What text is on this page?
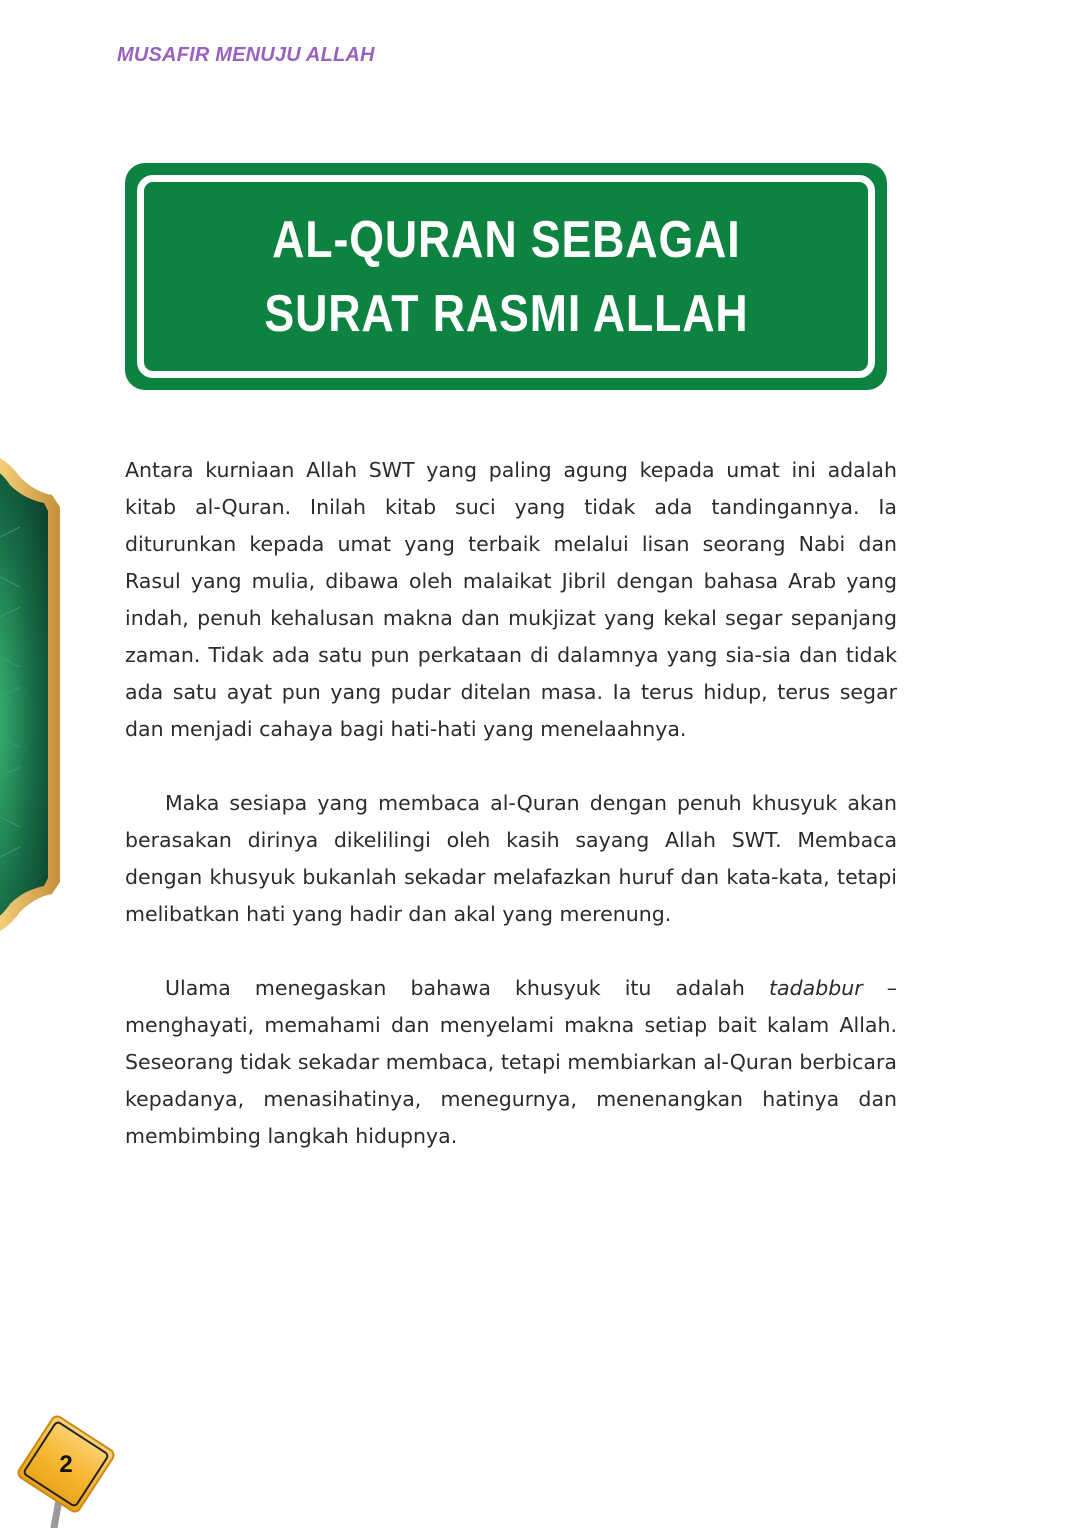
MUSAFIR MENUJU ALLAH
AL-QURAN SEBAGAI
SURAT RASMI ALLAH

Antara kurniaan Allah SWT yang paling agung kepada umat ini adalah kitab al-Quran. Inilah kitab suci yang tidak ada tandingannya. Ia diturunkan kepada umat yang terbaik melalui lisan seorang Nabi dan Rasul yang mulia, dibawa oleh malaikat Jibril dengan bahasa Arab yang indah, penuh kehalusan makna dan mukjizat yang kekal segar sepanjang zaman. Tidak ada satu pun perkataan di dalamnya yang sia-sia dan tidak ada satu ayat pun yang pudar ditelan masa. Ia terus hidup, terus segar dan menjadi cahaya bagi hati-hati yang menelaahnya.

Maka sesiapa yang membaca al-Quran dengan penuh khusyuk akan berasakan dirinya dikelilingi oleh kasih sayang Allah SWT. Membaca dengan khusyuk bukanlah sekadar melafazkan huruf dan kata-kata, tetapi melibatkan hati yang hadir dan akal yang merenung.

Ulama menegaskan bahawa khusyuk itu adalah tadabbur – menghayati, memahami dan menyelami makna setiap bait kalam Allah. Seseorang tidak sekadar membaca, tetapi membiarkan al-Quran berbicara kepadanya, menasihatinya, menegurnya, menenangkan hatinya dan membimbing langkah hidupnya.

2
